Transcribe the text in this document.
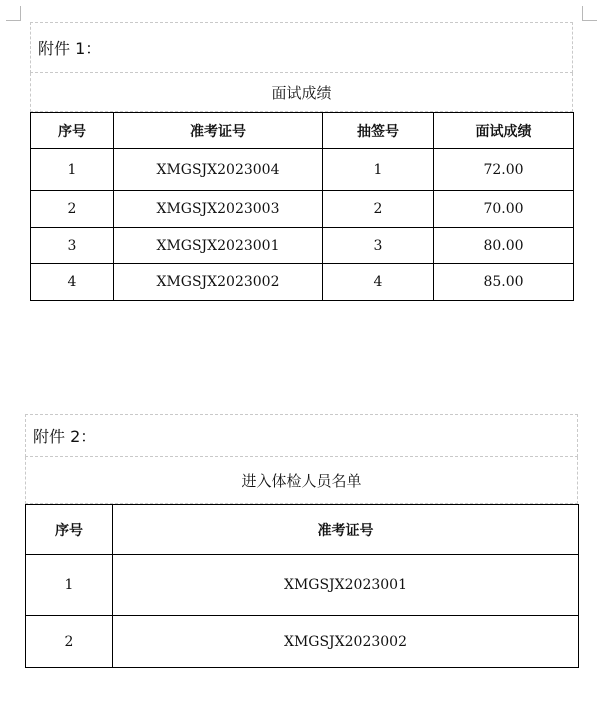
附件 1：
面试成绩
序号	准考证号	抽签号	面试成绩
1	XMGSJX2023004	1	72.00
2	XMGSJX2023003	2	70.00
3	XMGSJX2023001	3	80.00
4	XMGSJX2023002	4	85.00
附件 2：
进入体检人员名单
序号	准考证号
1	XMGSJX2023001
2	XMGSJX2023002
